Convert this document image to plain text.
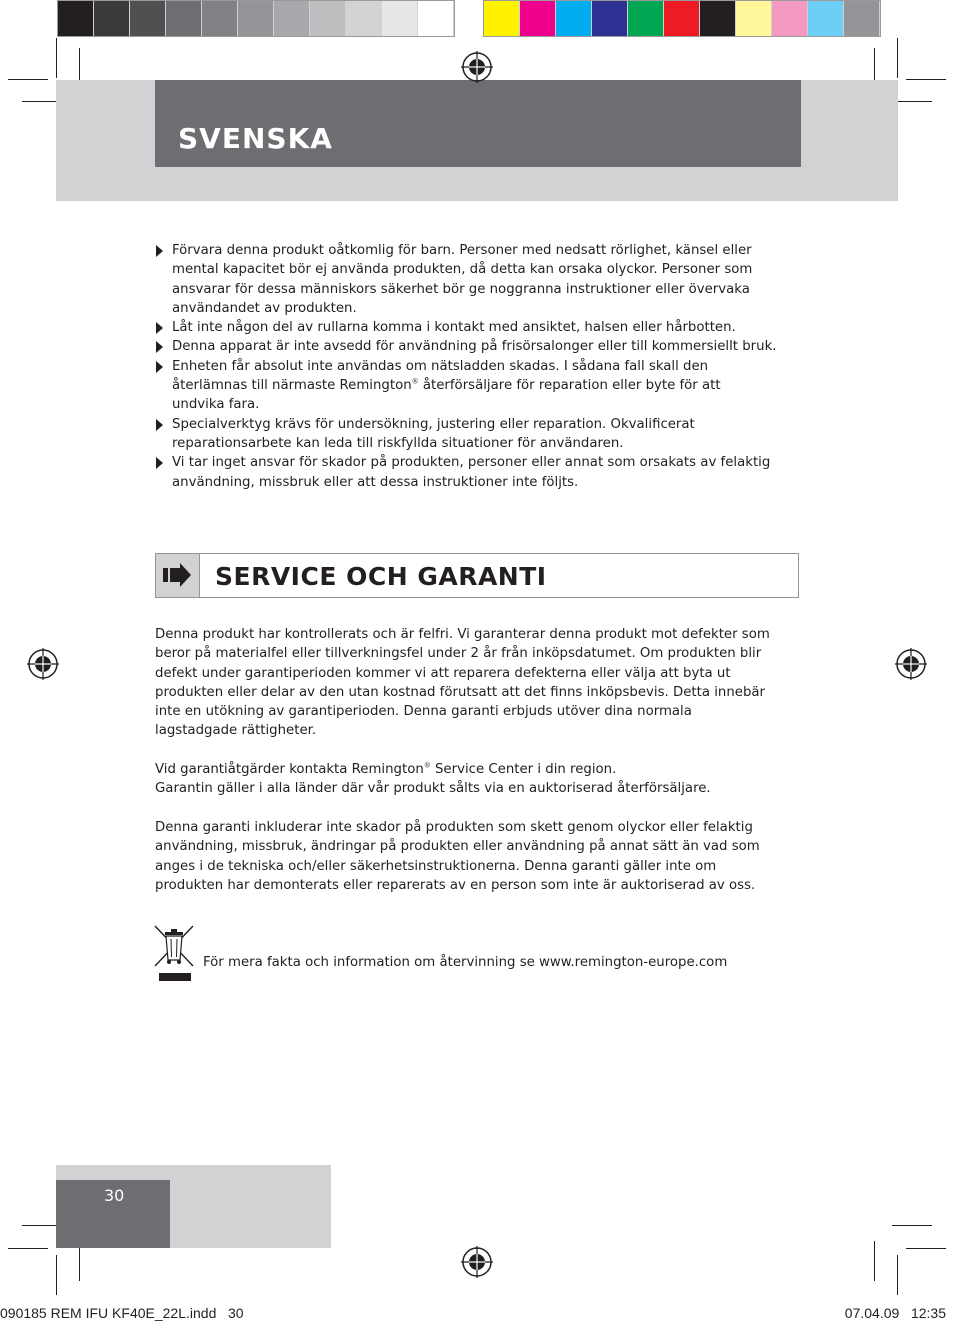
SVENSKA
Förvara denna produkt oåtkomlig för barn. Personer med nedsatt rörlighet, känsel eller mental kapacitet bör ej använda produkten, då detta kan orsaka olyckor. Personer som ansvarar för dessa människors säkerhet bör ge noggranna instruktioner eller övervaka användandet av produkten.
Låt inte någon del av rullarna komma i kontakt med ansiktet, halsen eller hårbotten.
Denna apparat är inte avsedd för användning på frisörsalonger eller till kommersiellt bruk.
Enheten får absolut inte användas om nätsladden skadas. I sådana fall skall den återlämnas till närmaste Remington® återförsäljare för reparation eller byte för att undvika fara.
Specialverktyg krävs för undersökning, justering eller reparation. Okvalificerat reparationsarbete kan leda till riskfyllda situationer för användaren.
Vi tar inget ansvar för skador på produkten, personer eller annat som orsakats av felaktig användning, missbruk eller att dessa instruktioner inte följts.
SERVICE OCH GARANTI

Denna produkt har kontrollerats och är felfri. Vi garanterar denna produkt mot defekter som beror på materialfel eller tillverkningsfel under 2 år från inköpsdatumet. Om produkten blir defekt under garantiperioden kommer vi att reparera defekterna eller välja att byta ut produkten eller delar av den utan kostnad förutsatt att det finns inköpsbevis. Detta innebär inte en utökning av garantiperioden. Denna garanti erbjuds utöver dina normala lagstadgade rättigheter.

Vid garantiåtgärder kontakta Remington® Service Center i din region.
Garantin gäller i alla länder där vår produkt sålts via en auktoriserad återförsäljare.

Denna garanti inkluderar inte skador på produkten som skett genom olyckor eller felaktig användning, missbruk, ändringar på produkten eller användning på annat sätt än vad som anges i de tekniska och/eller säkerhetsinstruktionerna. Denna garanti gäller inte om produkten har demonterats eller reparerats av en person som inte är auktoriserad av oss.

För mera fakta och information om återvinning se www.remington-europe.com
30
090185 REM IFU KF40E_22L.indd   30	07.04.09   12:35
